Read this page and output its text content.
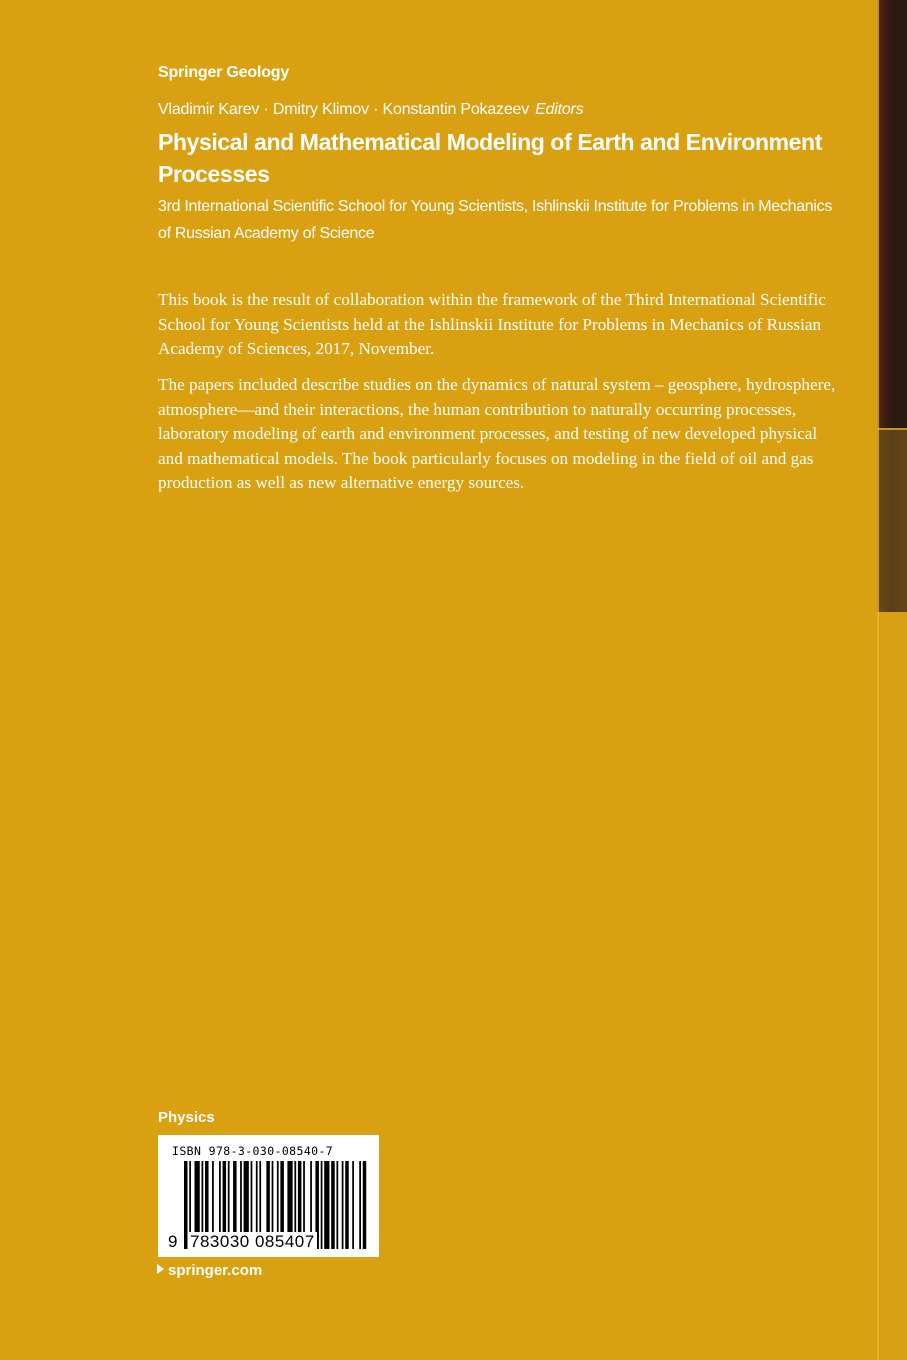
Springer Geology
Vladimir Karev · Dmitry Klimov · Konstantin Pokazeev Editors
Physical and Mathematical Modeling of Earth and Environment Processes
3rd International Scientific School for Young Scientists, Ishlinskii Institute for Problems in Mechanics of Russian Academy of Science
This book is the result of collaboration within the framework of the Third International Scientific School for Young Scientists held at the Ishlinskii Institute for Problems in Mechanics of Russian Academy of Sciences, 2017, November.
The papers included describe studies on the dynamics of natural system – geosphere, hydrosphere, atmosphere—and their interactions, the human contribution to naturally occurring processes, laboratory modeling of earth and environment processes, and testing of new developed physical and mathematical models. The book particularly focuses on modeling in the field of oil and gas production as well as new alternative energy sources.
Physics
ISBN 978-3-030-08540-7
9 783030 085407
springer.com
